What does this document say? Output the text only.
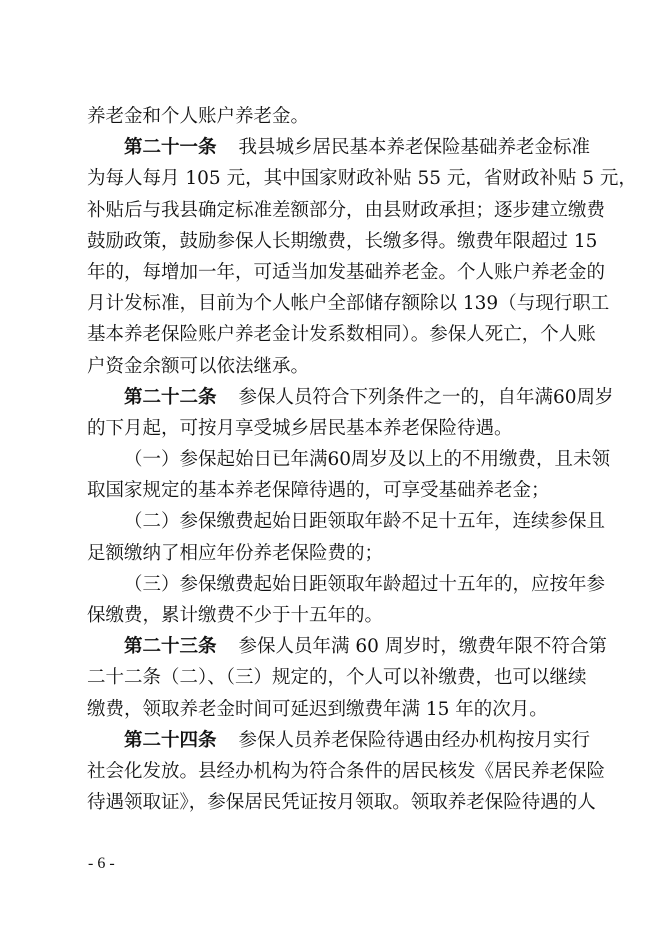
养老金和个人账户养老金。
第二十一条 我县城乡居民基本养老保险基础养老金标准
为每人每月 105 元，其中国家财政补贴 55 元，省财政补贴 5 元，
补贴后与我县确定标准差额部分，由县财政承担；逐步建立缴费
鼓励政策，鼓励参保人长期缴费，长缴多得。缴费年限超过 15
年的，每增加一年，可适当加发基础养老金。个人账户养老金的
月计发标准，目前为个人帐户全部储存额除以 139（与现行职工
基本养老保险账户养老金计发系数相同）。参保人死亡，个人账
户资金余额可以依法继承。
第二十二条 参保人员符合下列条件之一的，自年满60周岁
的下月起，可按月享受城乡居民基本养老保险待遇。
（一）参保起始日已年满60周岁及以上的不用缴费，且未领
取国家规定的基本养老保障待遇的，可享受基础养老金；
（二）参保缴费起始日距领取年龄不足十五年，连续参保且
足额缴纳了相应年份养老保险费的；
（三）参保缴费起始日距领取年龄超过十五年的，应按年参
保缴费，累计缴费不少于十五年的。
第二十三条 参保人员年满 60 周岁时，缴费年限不符合第
二十二条（二）、（三）规定的，个人可以补缴费，也可以继续
缴费，领取养老金时间可延迟到缴费年满 15 年的次月。
第二十四条 参保人员养老保险待遇由经办机构按月实行
社会化发放。县经办机构为符合条件的居民核发《居民养老保险
待遇领取证》，参保居民凭证按月领取。领取养老保险待遇的人
- 6 -
